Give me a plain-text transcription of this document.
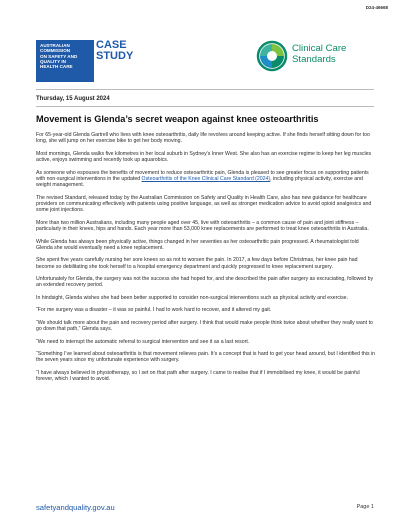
D24-46668
AUSTRALIAN
COMMISSION
ON SAFETY AND
QUALITY IN
HEALTH CARE
CASE
STUDY
Clinical Care
Standards
Thursday, 15 August 2024
Movement is Glenda’s secret weapon against knee osteoarthritis

For 65-year-old Glenda Gartrell who lives with knee osteoarthritis, daily life revolves around keeping active. If she finds herself sitting down for too long, she will jump on her exercise bike to get her body moving.

Most mornings, Glenda walks five kilometres in her local suburb in Sydney’s Inner West. She also has an exercise regime to keep her leg muscles active, enjoys swimming and recently took up aquarobics.

As someone who espouses the benefits of movement to reduce osteoarthritic pain, Glenda is pleased to see greater focus on supporting patients with non-surgical interventions in the updated Osteoarthritis of the Knee Clinical Care Standard (2024), including physical activity, exercise and weight management.

The revised Standard, released today by the Australian Commission on Safety and Quality in Health Care, also has new guidance for healthcare providers on communicating effectively with patients using positive language, as well as stronger medication advice to avoid opioid analgesics and some joint injections.

More than two million Australians, including many people aged over 45, live with osteoarthritis – a common cause of pain and joint stiffness – particularly in their knees, hips and hands. Each year more than 53,000 knee replacements are performed to treat knee osteoarthritis in Australia.

While Glenda has always been physically active, things changed in her seventies as her osteoarthritic pain progressed. A rheumatologist told Glenda she would eventually need a knee replacement.

She spent five years carefully nursing her sore knees so as not to worsen the pain. In 2017, a few days before Christmas, her knee pain had become so debilitating she took herself to a hospital emergency department and quickly progressed to knee replacement surgery.

Unfortunately for Glenda, the surgery was not the success she had hoped for, and she described the pain after surgery as excruciating, followed by an extended recovery period.

In hindsight, Glenda wishes she had been better supported to consider non-surgical interventions such as physical activity and exercise.

“For me surgery was a disaster – it was so painful. I had to work hard to recover, and it altered my gait.

“We should talk more about the pain and recovery period after surgery. I think that would make people think twice about whether they really want to go down that path,” Glenda says.

“We need to interrupt the automatic referral to surgical intervention and see it as a last resort.

“Something I’ve learned about osteoarthritis is that movement relieves pain. It’s a concept that is hard to get your head around, but I identified this in the seven years since my unfortunate experience with surgery.

“I have always believed in physiotherapy, so I set on that path after surgery. I came to realise that if I immobilised my knee, it would be painful forever, which I wanted to avoid.

safetyandquality.gov.au	Page 1
